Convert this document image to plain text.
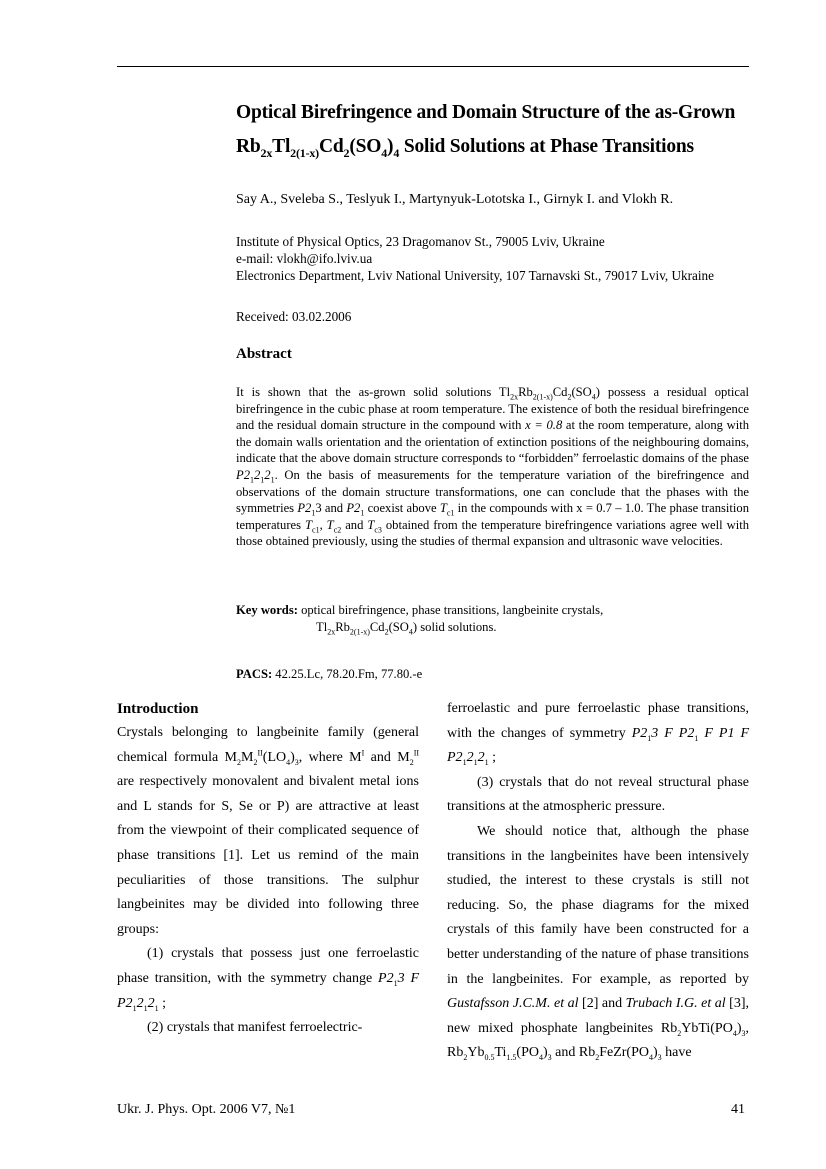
Optical Birefringence and Domain Structure of the as-Grown
$Rb_{2x}Tl_{2(1-x)}Cd_2(SO_4)_4$ Solid Solutions at Phase Transitions
Say A., Sveleba S., Teslyuk I., Martynyuk-Lototska I., Girnyk I. and Vlokh R.
Institute of Physical Optics, 23 Dragomanov St., 79005 Lviv, Ukraine
e-mail: vlokh@ifo.lviv.ua
Electronics Department, Lviv National University, 107 Tarnavski St., 79017 Lviv, Ukraine
Received: 03.02.2006
Abstract

It is shown that the as-grown solid solutions $Tl_{2x}Rb_{2(1-x)}Cd_2(SO_4)$ possess a residual optical birefringence in the cubic phase at room temperature. The existence of both the residual birefringence and the residual domain structure in the compound with x = 0.8 at the room temperature, along with the domain walls orientation and the orientation of extinction positions of the neighbouring domains, indicate that the above domain structure corresponds to “forbidden” ferroelastic domains of the phase $P2_12_12_1$. On the basis of measurements for the temperature variation of the birefringence and observations of the domain structure transformations, one can conclude that the phases with the symmetries $P2_13$ and $P2_1$ coexist above $T_{c1}$ in the compounds with x = 0.7 – 1.0. The phase transition temperatures $T_{c1}$, $T_{c2}$ and $T_{c3}$ obtained from the temperature birefringence variations agree well with those obtained previously, using the studies of thermal expansion and ultrasonic wave velocities.

Key words: optical birefringence, phase transitions, langbeinite crystals,
$Tl_{2x}Rb_{2(1-x)}Cd_2(SO_4)$ solid solutions.
PACS: 42.25.Lc, 78.20.Fm, 77.80.-e
Introduction

Crystals belonging to langbeinite family (general chemical formula $M_2M_2^{II}(LO_4)_3$, where $M^I$ and $M_2^{II}$ are respectively monovalent and bivalent metal ions and L stands for S, Se or P) are attractive at least from the viewpoint of their complicated sequence of phase transitions [1]. Let us remind of the main peculiarities of those transitions. The sulphur langbeinites may be divided into following three groups:

(1) crystals that possess just one ferroelastic phase transition, with the symmetry change $P2_13$ F $P2_12_12_1$ ;

(2) crystals that manifest ferroelectric-

ferroelastic and pure ferroelastic phase transitions, with the changes of symmetry $P2_13$ F $P2_1$ F P1 F $P2_12_12_1$ ;

(3) crystals that do not reveal structural phase transitions at the atmospheric pressure.

We should notice that, although the phase transitions in the langbeinites have been intensively studied, the interest to these crystals is still not reducing. So, the phase diagrams for the mixed crystals of this family have been constructed for a better understanding of the nature of phase transitions in the langbeinites. For example, as reported by Gustafsson J.C.M. et al [2] and Trubach I.G. et al [3], new mixed phosphate langbeinites $Rb_2YbTi(PO_4)_3$, $Rb_2Yb_{0.5}Ti_{1.5}(PO_4)_3$ and $Rb_2FeZr(PO_4)_3$ have

Ukr. J. Phys. Opt. 2006 V7, №1	41
